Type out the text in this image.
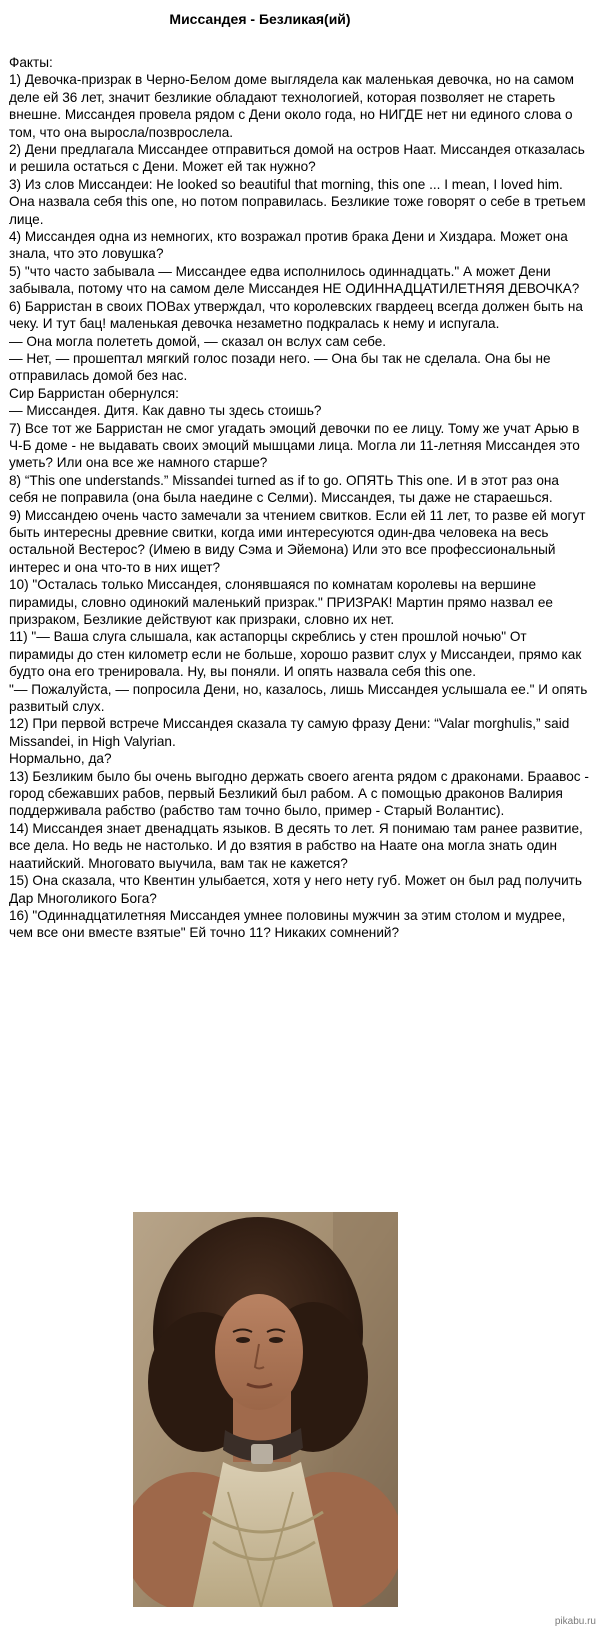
Миссандея - Безликая(ий)

Факты:

1) Девочка-призрак в Черно-Белом доме выглядела как маленькая девочка, но на самом деле ей 36 лет, значит безликие обладают технологией, которая позволяет не стареть внешне. Миссандея провела рядом с Дени около года, но НИГДЕ нет ни единого слова о том, что она выросла/позврослела.

2) Дени предлагала Миссандее отправиться домой на остров Наат. Миссандея отказалась и решила остаться с Дени. Может ей так нужно?

3) Из слов Миссандеи: He looked so beautiful that morning, this one ... I mean, I loved him. Она назвала себя this one, но потом поправилась. Безликие тоже говорят о себе в третьем лице.

4) Миссандея одна из немногих, кто возражал против брака Дени и Хиздара. Может она знала, что это ловушка?

5) "что часто забывала — Миссандее едва исполнилось одиннадцать." А может Дени забывала, потому что на самом деле Миссандея НЕ ОДИННАДЦАТИЛЕТНЯЯ ДЕВОЧКА?

6) Барристан в своих ПОВах утверждал, что королевских гвардеец всегда должен быть на чеку. И тут бац! маленькая девочка незаметно подкралась к нему и испугала.

— Она могла полететь домой, — сказал он вслух сам себе.

— Нет, — прошептал мягкий голос позади него. — Она бы так не сделала. Она бы не отправилась домой без нас.

Сир Барристан обернулся:

— Миссандея. Дитя. Как давно ты здесь стоишь?

7) Все тот же Барристан не смог угадать эмоций девочки по ее лицу. Тому же учат Арью в Ч-Б доме - не выдавать своих эмоций мышцами лица. Могла ли 11-летняя Миссандея это уметь? Или она все же намного старше?

8) “This one understands.” Missandei turned as if to go. ОПЯТЬ This one. И в этот раз она себя не поправила (она была наедине с Селми). Миссандея, ты даже не стараешься.

9) Миссандею очень часто замечали за чтением свитков. Если ей 11 лет, то разве ей могут быть интересны древние свитки, когда ими интересуются один-два человека на весь остальной Вестерос? (Имею в виду Сэма и Эйемона) Или это все профессиональный интерес и она что-то в них ищет?

10) "Осталась только Миссандея, слонявшаяся по комнатам королевы на вершине пирамиды, словно одинокий маленький призрак." ПРИЗРАК! Мартин прямо назвал ее призраком, Безликие действуют как призраки, словно их нет.

11) "— Ваша слуга слышала, как астапорцы скреблись у стен прошлой ночью" От пирамиды до стен километр если не больше, хорошо развит слух у Миссандеи, прямо как будто она его тренировала. Ну, вы поняли. И опять назвала себя this one.

"— Пожалуйста, — попросила Дени, но, казалось, лишь Миссандея услышала ее." И опять развитый слух.

12) При первой встрече Миссандея сказала ту самую фразу Дени: “Valar morghulis,” said Missandei, in High Valyrian.

Нормально, да?

13) Безликим было бы очень выгодно держать своего агента рядом с драконами. Браавос - город сбежавших рабов, первый Безликий был рабом. А с помощью драконов Валирия поддерживала рабство (рабство там точно было, пример - Старый Волантис).

14) Миссандея знает двенадцать языков. В десять то лет. Я понимаю там ранее развитие, все дела. Но ведь не настолько. И до взятия в рабство на Наате она могла знать один наатийский. Многовато выучила, вам так не кажется?

15) Она сказала, что Квентин улыбается, хотя у него нету губ. Может он был рад получить Дар Многоликого Бога?

16) "Одиннадцатилетняя Миссандея умнее половины мужчин за этим столом и мудрее, чем все они вместе взятые" Ей точно 11? Никаких сомнений?

pikabu.ru
